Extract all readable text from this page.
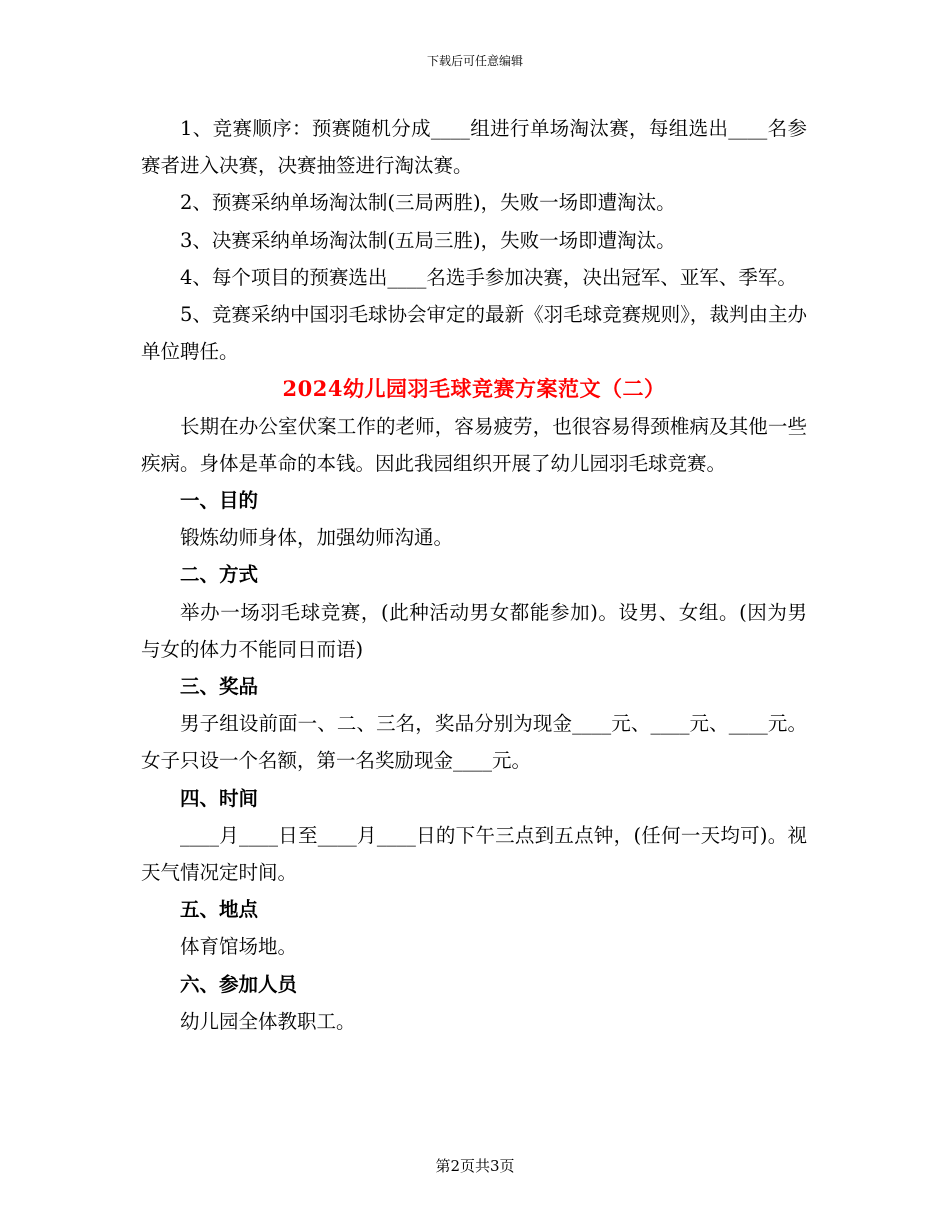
下载后可任意编辑

1、竞赛顺序：预赛随机分成____组进行单场淘汰赛，每组选出____名参赛者进入决赛，决赛抽签进行淘汰赛。

2、预赛采纳单场淘汰制(三局两胜)，失败一场即遭淘汰。

3、决赛采纳单场淘汰制(五局三胜)，失败一场即遭淘汰。

4、每个项目的预赛选出____名选手参加决赛，决出冠军、亚军、季军。

5、竞赛采纳中国羽毛球协会审定的最新《羽毛球竞赛规则》，裁判由主办单位聘任。

2024幼儿园羽毛球竞赛方案范文（二）

长期在办公室伏案工作的老师，容易疲劳，也很容易得颈椎病及其他一些疾病。身体是革命的本钱。因此我园组织开展了幼儿园羽毛球竞赛。

一、目的

锻炼幼师身体，加强幼师沟通。

二、方式

举办一场羽毛球竞赛，(此种活动男女都能参加)。设男、女组。(因为男与女的体力不能同日而语)

三、奖品

男子组设前面一、二、三名，奖品分别为现金____元、____元、____元。女子只设一个名额，第一名奖励现金____元。

四、时间

____月____日至____月____日的下午三点到五点钟，(任何一天均可)。视天气情况定时间。

五、地点

体育馆场地。

六、参加人员

幼儿园全体教职工。

第2页共3页
